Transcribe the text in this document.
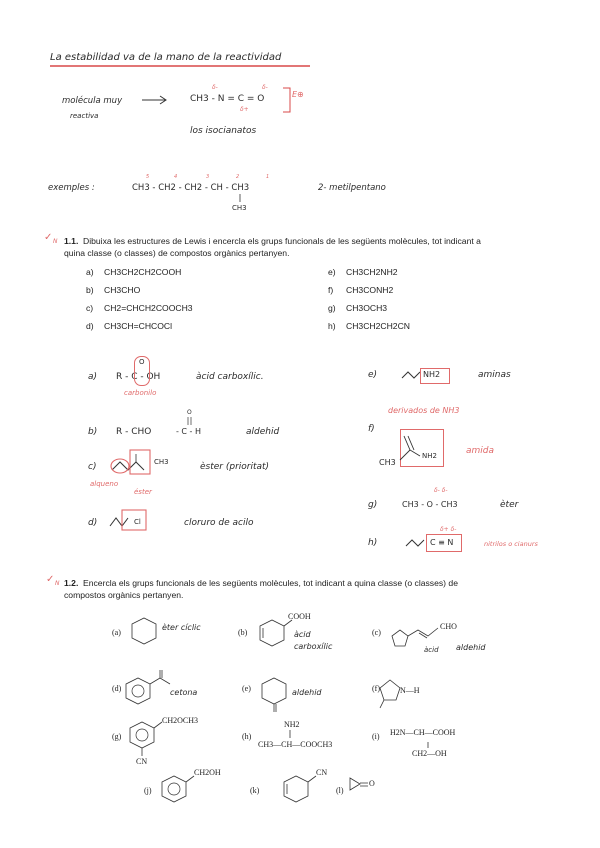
La estabilidad va de la mano de la reactividad
molécula muy
reactiva
CH3 - N = C = O
δ-
δ+
δ-
E⊕
los isocianatos
exemples :	CH3 - CH2 - CH2 - CH - CH3
5	4	3	2	1
CH3
2- metilpentano
✓ N 1.1. Dibuixa les estructures de Lewis i encercla els grups funcionals de les següents molècules, tot indicant a
quina classe (o classes) de compostos orgànics pertanyen.
a) CH3CH2CH2COOH
b) CH3CHO
c) CH2=CHCH2COOCH3
d) CH3CH=CHCOCl
e) CH3CH2NH2
f) CH3CONH2
g) CH3OCH3
h) CH3CH2CH2CN
a) R - C - OH
O
àcid carboxílic.
carbonilo
e)	NH2	aminas
derivados de NH3
b) R - CHO
O
- C - H	aldehid	f)
CH3
NH2	amida
c)	CH3	èster (prioritat)
alqueno
éster
g)	CH3 - O - CH3
δ- δ-
èter
d)	Cl	cloruro de acilo
h)	C ≡ N
δ+ δ-
nitrilos o cianurs
✓ N 1.2. Encercla els grups funcionals de les següents molècules, tot indicant a quina classe (o classes) de
compostos orgànics pertanyen.
(a)	(b)	(c)
(d)	(e)	(f)
(g)	(h)	(i)
(j)	(k)	(l)
COOH
CHO
N—H
CH2OCH3
CN
NH2
CH3—CH—COOCH3
H2N—CH—COOH
CH2—OH
CH2OH	CN
O
èter cíclic
àcid
carboxílic	àcid aldehid
cetona	aldehid
